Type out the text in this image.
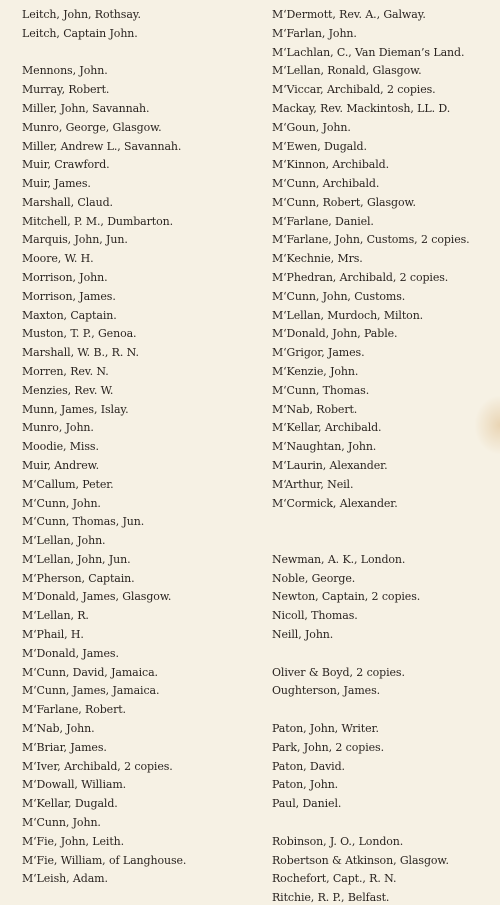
Leitch, John, Rothsay.
Leitch, Captain John.
Mennons, John.
Murray, Robert.
Miller, John, Savannah.
Munro, George, Glasgow.
Miller, Andrew L., Savannah.
Muir, Crawford.
Muir, James.
Marshall, Claud.
Mitchell, P. M., Dumbarton.
Marquis, John, Jun.
Moore, W. H.
Morrison, John.
Morrison, James.
Maxton, Captain.
Muston, T. P., Genoa.
Marshall, W. B., R. N.
Morren, Rev. N.
Menzies, Rev. W.
Munn, James, Islay.
Munro, John.
Moodie, Miss.
Muir, Andrew.
M‘Callum, Peter.
M‘Cunn, John.
M‘Cunn, Thomas, Jun.
M‘Lellan, John.
M‘Lellan, John, Jun.
M‘Pherson, Captain.
M‘Donald, James, Glasgow.
M‘Lellan, R.
M‘Phail, H.
M‘Donald, James.
M‘Cunn, David, Jamaica.
M‘Cunn, James, Jamaica.
M‘Farlane, Robert.
M‘Nab, John.
M‘Briar, James.
M‘Iver, Archibald, 2 copies.
M‘Dowall, William.
M‘Kellar, Dugald.
M‘Cunn, John.
M‘Fie, John, Leith.
M‘Fie, William, of Langhouse.
M‘Leish, Adam.
M‘Dermott, Rev. A., Galway.
M‘Farlan, John.
M‘Lachlan, C., Van Dieman’s Land.
M‘Lellan, Ronald, Glasgow.
M‘Viccar, Archibald, 2 copies.
Mackay, Rev. Mackintosh, LL. D.
M‘Goun, John.
M‘Ewen, Dugald.
M‘Kinnon, Archibald.
M‘Cunn, Archibald.
M‘Cunn, Robert, Glasgow.
M‘Farlane, Daniel.
M‘Farlane, John, Customs, 2 copies.
M‘Kechnie, Mrs.
M‘Phedran, Archibald, 2 copies.
M‘Cunn, John, Customs.
M‘Lellan, Murdoch, Milton.
M‘Donald, John, Pable.
M‘Grigor, James.
M‘Kenzie, John.
M‘Cunn, Thomas.
M‘Nab, Robert.
M‘Kellar, Archibald.
M‘Naughtan, John.
M‘Laurin, Alexander.
M‘Arthur, Neil.
M‘Cormick, Alexander.
Newman, A. K., London.
Noble, George.
Newton, Captain, 2 copies.
Nicoll, Thomas.
Neill, John.
Oliver & Boyd, 2 copies.
Oughterson, James.
Paton, John, Writer.
Park, John, 2 copies.
Paton, David.
Paton, John.
Paul, Daniel.
Robinson, J. O., London.
Robertson & Atkinson, Glasgow.
Rochefort, Capt., R. N.
Ritchie, R. P., Belfast.
